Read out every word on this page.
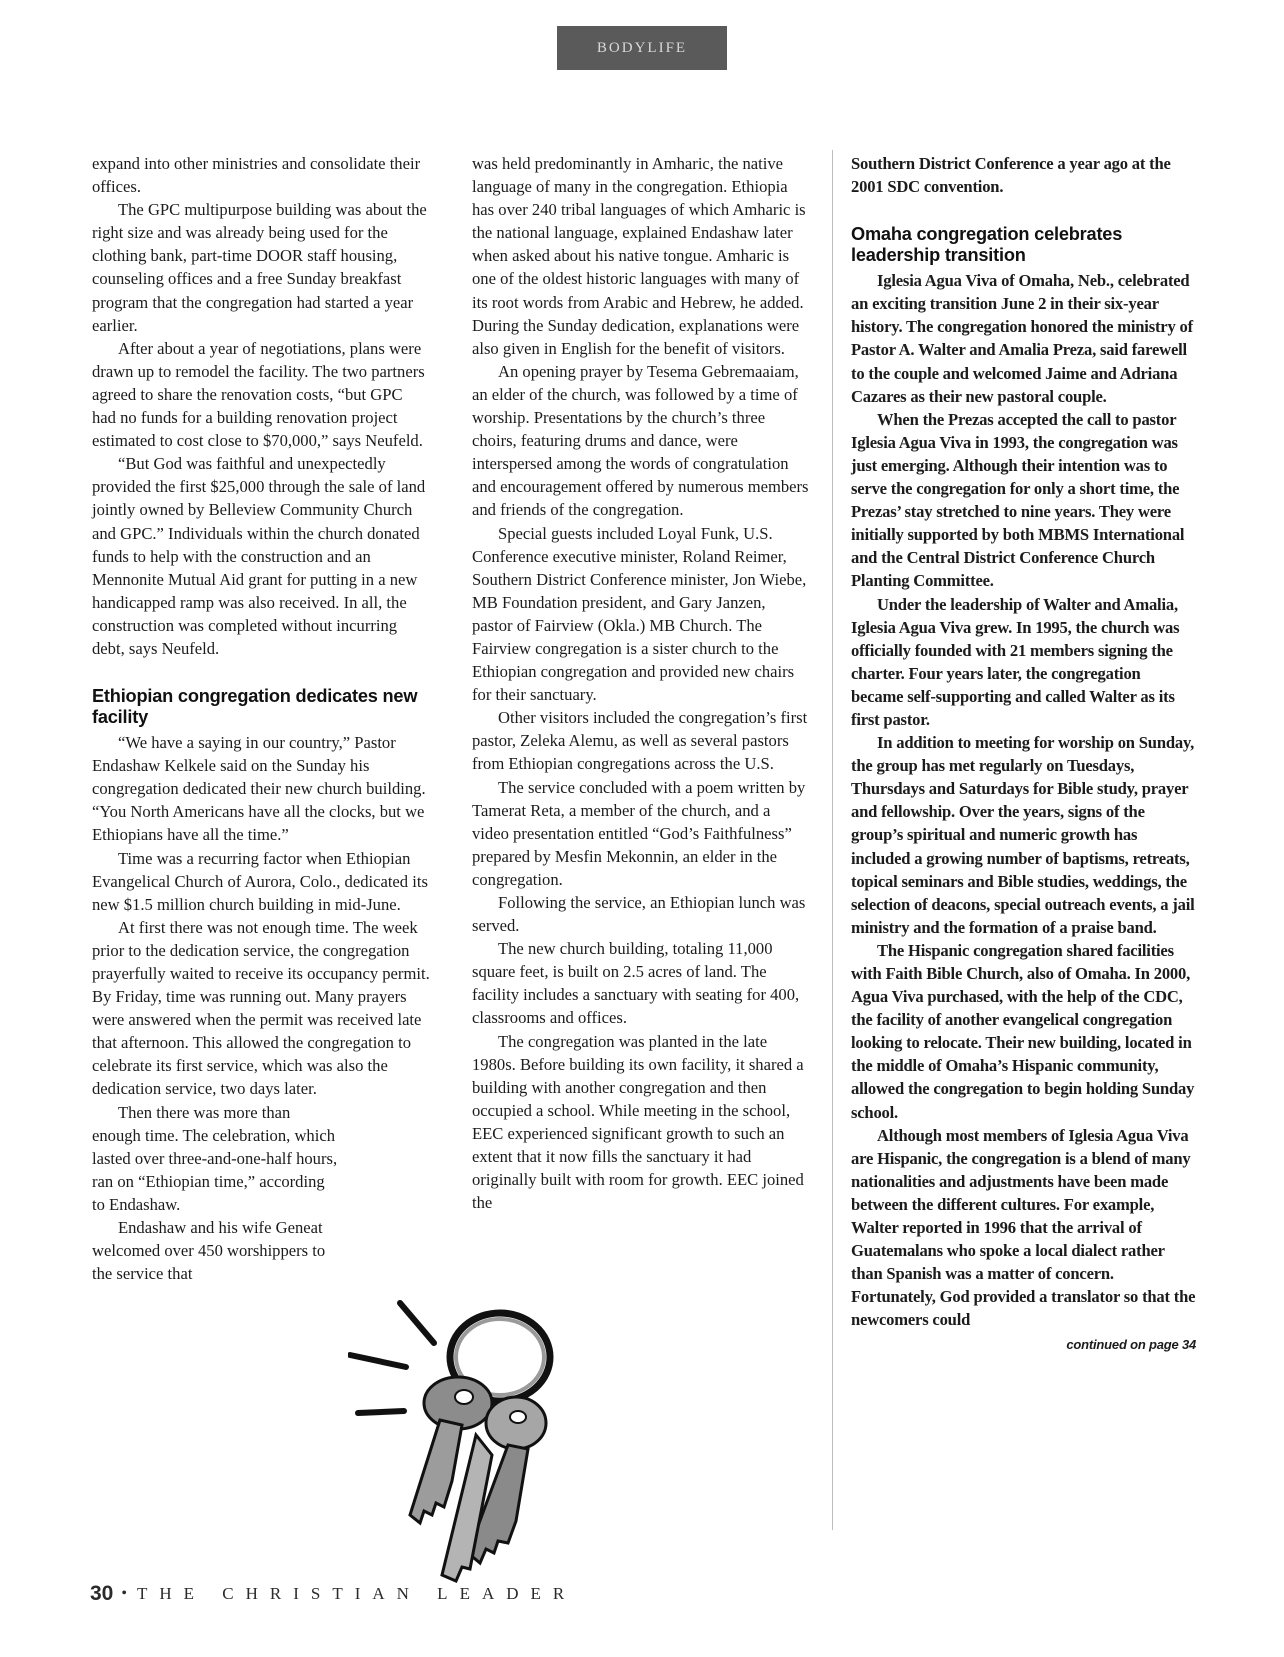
BODYLIFE

expand into other ministries and consolidate their offices.

The GPC multipurpose building was about the right size and was already being used for the clothing bank, part-time DOOR staff housing, counseling offices and a free Sunday breakfast program that the congregation had started a year earlier.

After about a year of negotiations, plans were drawn up to remodel the facility. The two partners agreed to share the renovation costs, “but GPC had no funds for a building renovation project estimated to cost close to $70,000,” says Neufeld.

“But God was faithful and unexpectedly provided the first $25,000 through the sale of land jointly owned by Belleview Community Church and GPC.” Individuals within the church donated funds to help with the construction and an Mennonite Mutual Aid grant for putting in a new handicapped ramp was also received. In all, the construction was completed without incurring debt, says Neufeld.

Ethiopian congregation dedicates new facility

“We have a saying in our country,” Pastor Endashaw Kelkele said on the Sunday his congregation dedicated their new church building. “You North Americans have all the clocks, but we Ethiopians have all the time.”

Time was a recurring factor when Ethiopian Evangelical Church of Aurora, Colo., dedicated its new $1.5 million church building in mid-June.

At first there was not enough time. The week prior to the dedication service, the congregation prayerfully waited to receive its occupancy permit. By Friday, time was running out. Many prayers were answered when the permit was received late that afternoon. This allowed the congregation to celebrate its first service, which was also the dedication service, two days later.

Then there was more than enough time. The celebration, which lasted over three-and-one-half hours, ran on “Ethiopian time,” according to Endashaw.

Endashaw and his wife Geneat welcomed over 450 worshippers to the service that

was held predominantly in Amharic, the native language of many in the congregation. Ethiopia has over 240 tribal languages of which Amharic is the national language, explained Endashaw later when asked about his native tongue. Amharic is one of the oldest historic languages with many of its root words from Arabic and Hebrew, he added. During the Sunday dedication, explanations were also given in English for the benefit of visitors.

An opening prayer by Tesema Gebremaaiam, an elder of the church, was followed by a time of worship. Presentations by the church’s three choirs, featuring drums and dance, were interspersed among the words of congratulation and encouragement offered by numerous members and friends of the congregation.

Special guests included Loyal Funk, U.S. Conference executive minister, Roland Reimer, Southern District Conference minister, Jon Wiebe, MB Foundation president, and Gary Janzen, pastor of Fairview (Okla.) MB Church. The Fairview congregation is a sister church to the Ethiopian congregation and provided new chairs for their sanctuary.

Other visitors included the congregation’s first pastor, Zeleka Alemu, as well as several pastors from Ethiopian congregations across the U.S.

The service concluded with a poem written by Tamerat Reta, a member of the church, and a video presentation entitled “God’s Faithfulness” prepared by Mesfin Mekonnin, an elder in the congregation.

Following the service, an Ethiopian lunch was served.

The new church building, totaling 11,000 square feet, is built on 2.5 acres of land. The facility includes a sanctuary with seating for 400, classrooms and offices.

The congregation was planted in the late 1980s. Before building its own facility, it shared a building with another congregation and then occupied a school. While meeting in the school, EEC experienced significant growth to such an extent that it now fills the sanctuary it had originally built with room for growth. EEC joined the

Southern District Conference a year ago at the 2001 SDC convention.

Omaha congregation celebrates leadership transition

Iglesia Agua Viva of Omaha, Neb., celebrated an exciting transition June 2 in their six-year history. The congregation honored the ministry of Pastor A. Walter and Amalia Preza, said farewell to the couple and welcomed Jaime and Adriana Cazares as their new pastoral couple.

When the Prezas accepted the call to pastor Iglesia Agua Viva in 1993, the congregation was just emerging. Although their intention was to serve the congregation for only a short time, the Prezas’ stay stretched to nine years. They were initially supported by both MBMS International and the Central District Conference Church Planting Committee.

Under the leadership of Walter and Amalia, Iglesia Agua Viva grew. In 1995, the church was officially founded with 21 members signing the charter. Four years later, the congregation became self-supporting and called Walter as its first pastor.

In addition to meeting for worship on Sunday, the group has met regularly on Tuesdays, Thursdays and Saturdays for Bible study, prayer and fellowship. Over the years, signs of the group’s spiritual and numeric growth has included a growing number of baptisms, retreats, topical seminars and Bible studies, weddings, the selection of deacons, special outreach events, a jail ministry and the formation of a praise band.

The Hispanic congregation shared facilities with Faith Bible Church, also of Omaha. In 2000, Agua Viva purchased, with the help of the CDC, the facility of another evangelical congregation looking to relocate. Their new building, located in the middle of Omaha’s Hispanic community, allowed the congregation to begin holding Sunday school.

Although most members of Iglesia Agua Viva are Hispanic, the congregation is a blend of many nationalities and adjustments have been made between the different cultures. For example, Walter reported in 1996 that the arrival of Guatemalans who spoke a local dialect rather than Spanish was a matter of concern. Fortunately, God provided a translator so that the newcomers could

continued on page 34
30 • THE CHRISTIAN LEADER
